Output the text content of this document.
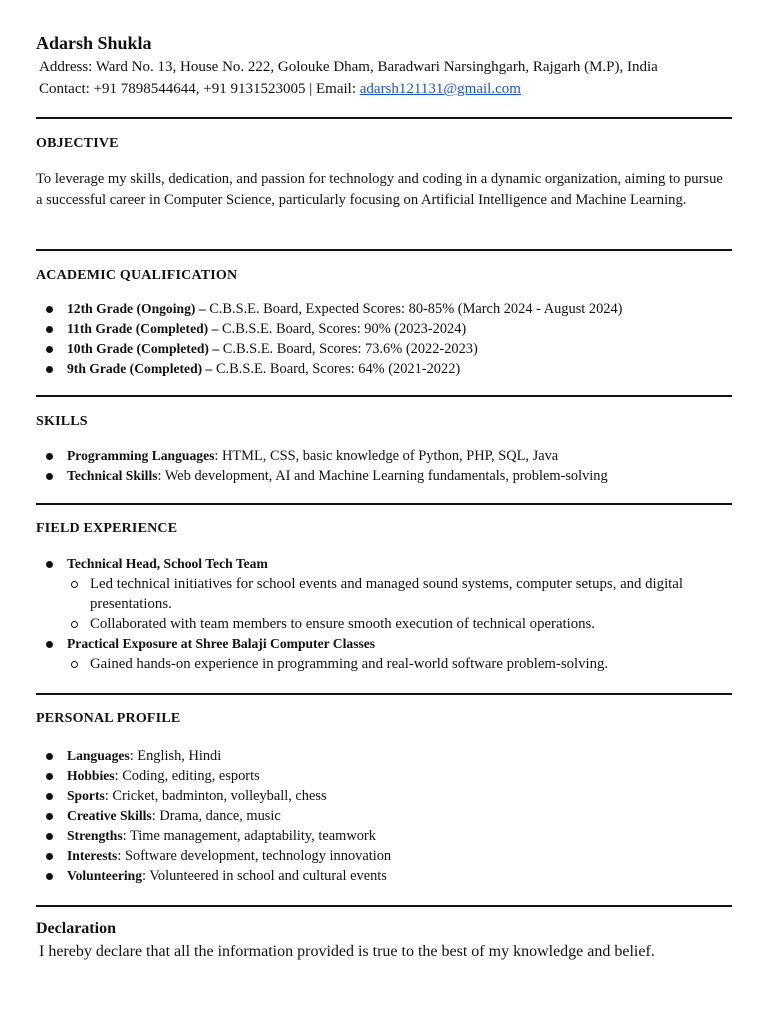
Adarsh Shukla
Address: Ward No. 13, House No. 222, Golouke Dham, Baradwari Narsinghgarh, Rajgarh (M.P), India
Contact: +91 7898544644, +91 9131523005 | Email: adarsh121131@gmail.com
OBJECTIVE
To leverage my skills, dedication, and passion for technology and coding in a dynamic organization, aiming to pursue a successful career in Computer Science, particularly focusing on Artificial Intelligence and Machine Learning.
ACADEMIC QUALIFICATION
12th Grade (Ongoing) – C.B.S.E. Board, Expected Scores: 80-85% (March 2024 - August 2024)
11th Grade (Completed) – C.B.S.E. Board, Scores: 90% (2023-2024)
10th Grade (Completed) – C.B.S.E. Board, Scores: 73.6% (2022-2023)
9th Grade (Completed) – C.B.S.E. Board, Scores: 64% (2021-2022)
SKILLS
Programming Languages: HTML, CSS, basic knowledge of Python, PHP, SQL, Java
Technical Skills: Web development, AI and Machine Learning fundamentals, problem-solving
FIELD EXPERIENCE
Technical Head, School Tech Team
Led technical initiatives for school events and managed sound systems, computer setups, and digital presentations.
Collaborated with team members to ensure smooth execution of technical operations.
Practical Exposure at Shree Balaji Computer Classes
Gained hands-on experience in programming and real-world software problem-solving.
PERSONAL PROFILE
Languages: English, Hindi
Hobbies: Coding, editing, esports
Sports: Cricket, badminton, volleyball, chess
Creative Skills: Drama, dance, music
Strengths: Time management, adaptability, teamwork
Interests: Software development, technology innovation
Volunteering: Volunteered in school and cultural events
Declaration
I hereby declare that all the information provided is true to the best of my knowledge and belief.
